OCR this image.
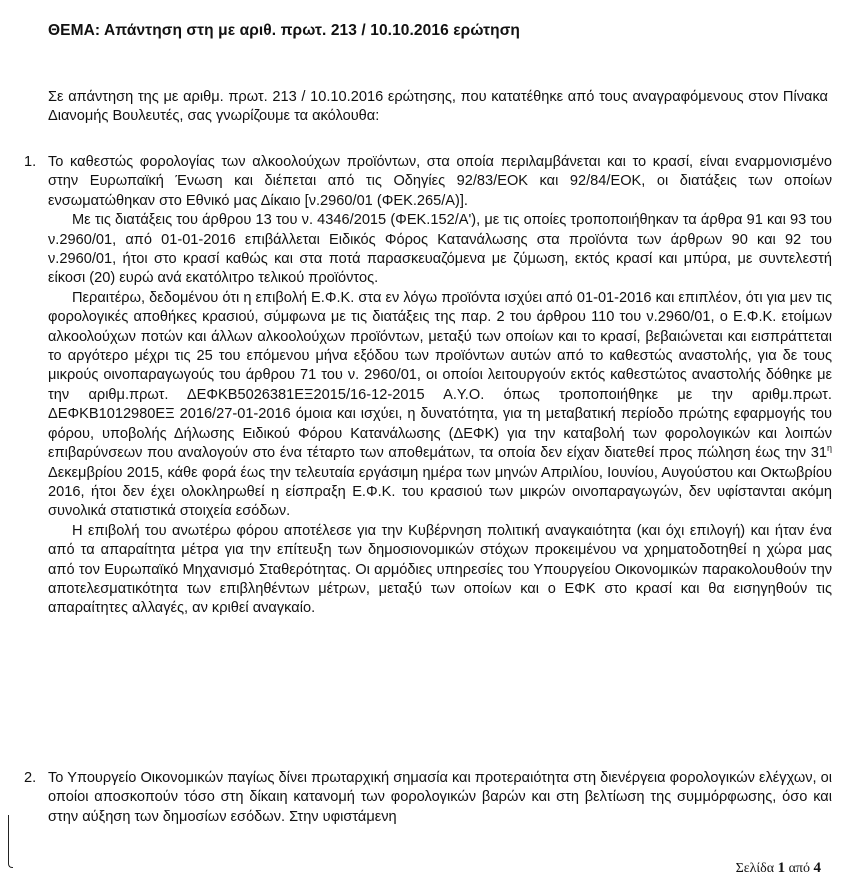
ΘΕΜΑ: Απάντηση στη με αριθ. πρωτ. 213 / 10.10.2016 ερώτηση
Σε απάντηση της με αριθμ. πρωτ. 213 / 10.10.2016 ερώτησης, που κατατέθηκε από τους αναγραφόμενους στον Πίνακα Διανομής Βουλευτές, σας γνωρίζουμε τα ακόλουθα:
1. Το καθεστώς φορολογίας των αλκοολούχων προϊόντων, στα οποία περιλαμβάνεται και το κρασί, είναι εναρμονισμένο στην Ευρωπαϊκή Ένωση και διέπεται από τις Οδηγίες 92/83/ΕΟΚ και 92/84/ΕΟΚ, οι διατάξεις των οποίων ενσωματώθηκαν στο Εθνικό μας Δίκαιο [ν.2960/01 (ΦΕΚ.265/Α)].

Με τις διατάξεις του άρθρου 13 του ν. 4346/2015 (ΦΕΚ.152/Α'), με τις οποίες τροποποιήθηκαν τα άρθρα 91 και 93 του ν.2960/01, από 01-01-2016 επιβάλλεται Ειδικός Φόρος Κατανάλωσης στα προϊόντα των άρθρων 90 και 92 του ν.2960/01, ήτοι στο κρασί καθώς και στα ποτά παρασκευαζόμενα με ζύμωση, εκτός κρασί και μπύρα, με συντελεστή είκοσι (20) ευρώ ανά εκατόλιτρο τελικού προϊόντος.

Περαιτέρω, δεδομένου ότι η επιβολή Ε.Φ.Κ. στα εν λόγω προϊόντα ισχύει από 01-01-2016 και επιπλέον, ότι για μεν τις φορολογικές αποθήκες κρασιού, σύμφωνα με τις διατάξεις της παρ. 2 του άρθρου 110 του ν.2960/01, ο Ε.Φ.Κ. ετοίμων αλκοολούχων ποτών και άλλων αλκοολούχων προϊόντων, μεταξύ των οποίων και το κρασί, βεβαιώνεται και εισπράττεται το αργότερο μέχρι τις 25 του επόμενου μήνα εξόδου των προϊόντων αυτών από το καθεστώς αναστολής, για δε τους μικρούς οινοπαραγωγούς του άρθρου 71 του ν. 2960/01, οι οποίοι λειτουργούν εκτός καθεστώτος αναστολής δόθηκε με την αριθμ.πρωτ. ΔΕΦΚΒ5026381ΕΞ2015/16-12-2015 Α.Υ.Ο. όπως τροποποιήθηκε με την αριθμ.πρωτ. ΔΕΦΚΒ1012980ΕΞ 2016/27-01-2016 όμοια και ισχύει, η δυνατότητα, για τη μεταβατική περίοδο πρώτης εφαρμογής του φόρου, υποβολής Δήλωσης Ειδικού Φόρου Κατανάλωσης (ΔΕΦΚ) για την καταβολή των φορολογικών και λοιπών επιβαρύνσεων που αναλογούν στο ένα τέταρτο των αποθεμάτων, τα οποία δεν είχαν διατεθεί προς πώληση έως την $31^\eta$ Δεκεμβρίου 2015, κάθε φορά έως την τελευταία εργάσιμη ημέρα των μηνών Απριλίου, Ιουνίου, Αυγούστου και Οκτωβρίου 2016, ήτοι δεν έχει ολοκληρωθεί η είσπραξη Ε.Φ.Κ. του κρασιού των μικρών οινοπαραγωγών, δεν υφίστανται ακόμη συνολικά στατιστικά στοιχεία εσόδων.

Η επιβολή του ανωτέρω φόρου αποτέλεσε για την Κυβέρνηση πολιτική αναγκαιότητα (και όχι επιλογή) και ήταν ένα από τα απαραίτητα μέτρα για την επίτευξη των δημοσιονομικών στόχων προκειμένου να χρηματοδοτηθεί η χώρα μας από τον Ευρωπαϊκό Μηχανισμό Σταθερότητας. Οι αρμόδιες υπηρεσίες του Υπουργείου Οικονομικών παρακολουθούν την αποτελεσματικότητα των επιβληθέντων μέτρων, μεταξύ των οποίων και ο ΕΦΚ στο κρασί και θα εισηγηθούν τις απαραίτητες αλλαγές, αν κριθεί αναγκαίο.

2. Το Υπουργείο Οικονομικών παγίως δίνει πρωταρχική σημασία και προτεραιότητα στη διενέργεια φορολογικών ελέγχων, οι οποίοι αποσκοπούν τόσο στη δίκαιη κατανομή των φορολογικών βαρών και στη βελτίωση της συμμόρφωσης, όσο και στην αύξηση των δημοσίων εσόδων. Στην υφιστάμενη

Σελίδα 1 από 4
